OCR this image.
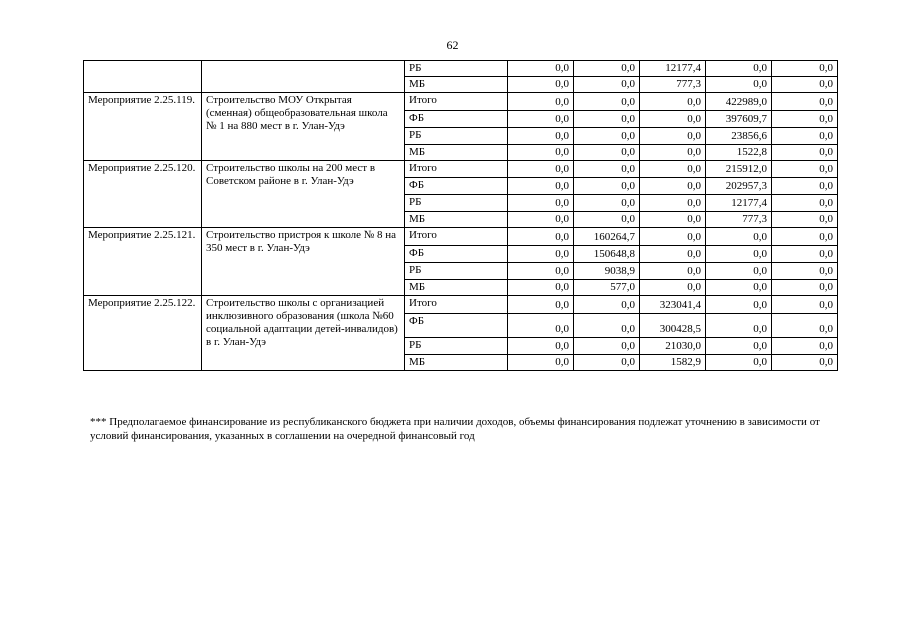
62
		РБ	0,0	0,0	12177,4	0,0	0,0
		МБ	0,0	0,0	777,3	0,0	0,0
Мероприятие 2.25.119.	Строительство МОУ Открытая (сменная) общеобразовательная школа № 1 на 880 мест в г. Улан-Удэ	Итого	0,0	0,0	0,0	422989,0	0,0
		ФБ	0,0	0,0	0,0	397609,7	0,0
		РБ	0,0	0,0	0,0	23856,6	0,0
		МБ	0,0	0,0	0,0	1522,8	0,0
Мероприятие 2.25.120.	Строительство школы на 200 мест в Советском районе в г. Улан-Удэ	Итого	0,0	0,0	0,0	215912,0	0,0
		ФБ	0,0	0,0	0,0	202957,3	0,0
		РБ	0,0	0,0	0,0	12177,4	0,0
		МБ	0,0	0,0	0,0	777,3	0,0
Мероприятие 2.25.121.	Строительство пристроя к школе № 8 на 350 мест в г. Улан-Удэ	Итого	0,0	160264,7	0,0	0,0	0,0
		ФБ	0,0	150648,8	0,0	0,0	0,0
		РБ	0,0	9038,9	0,0	0,0	0,0
		МБ	0,0	577,0	0,0	0,0	0,0
Мероприятие 2.25.122.	Строительство школы с организацией инклюзивного образования (школа №60 социальной адаптации детей-инвалидов) в г. Улан-Удэ	Итого	0,0	0,0	323041,4	0,0	0,0
		ФБ	0,0	0,0	300428,5	0,0	0,0
		РБ	0,0	0,0	21030,0	0,0	0,0
		МБ	0,0	0,0	1582,9	0,0	0,0
*** Предполагаемое финансирование из республиканского бюджета при наличии доходов, объемы финансирования подлежат уточнению в зависимости от условий финансирования, указанных в соглашении на очередной финансовый год
